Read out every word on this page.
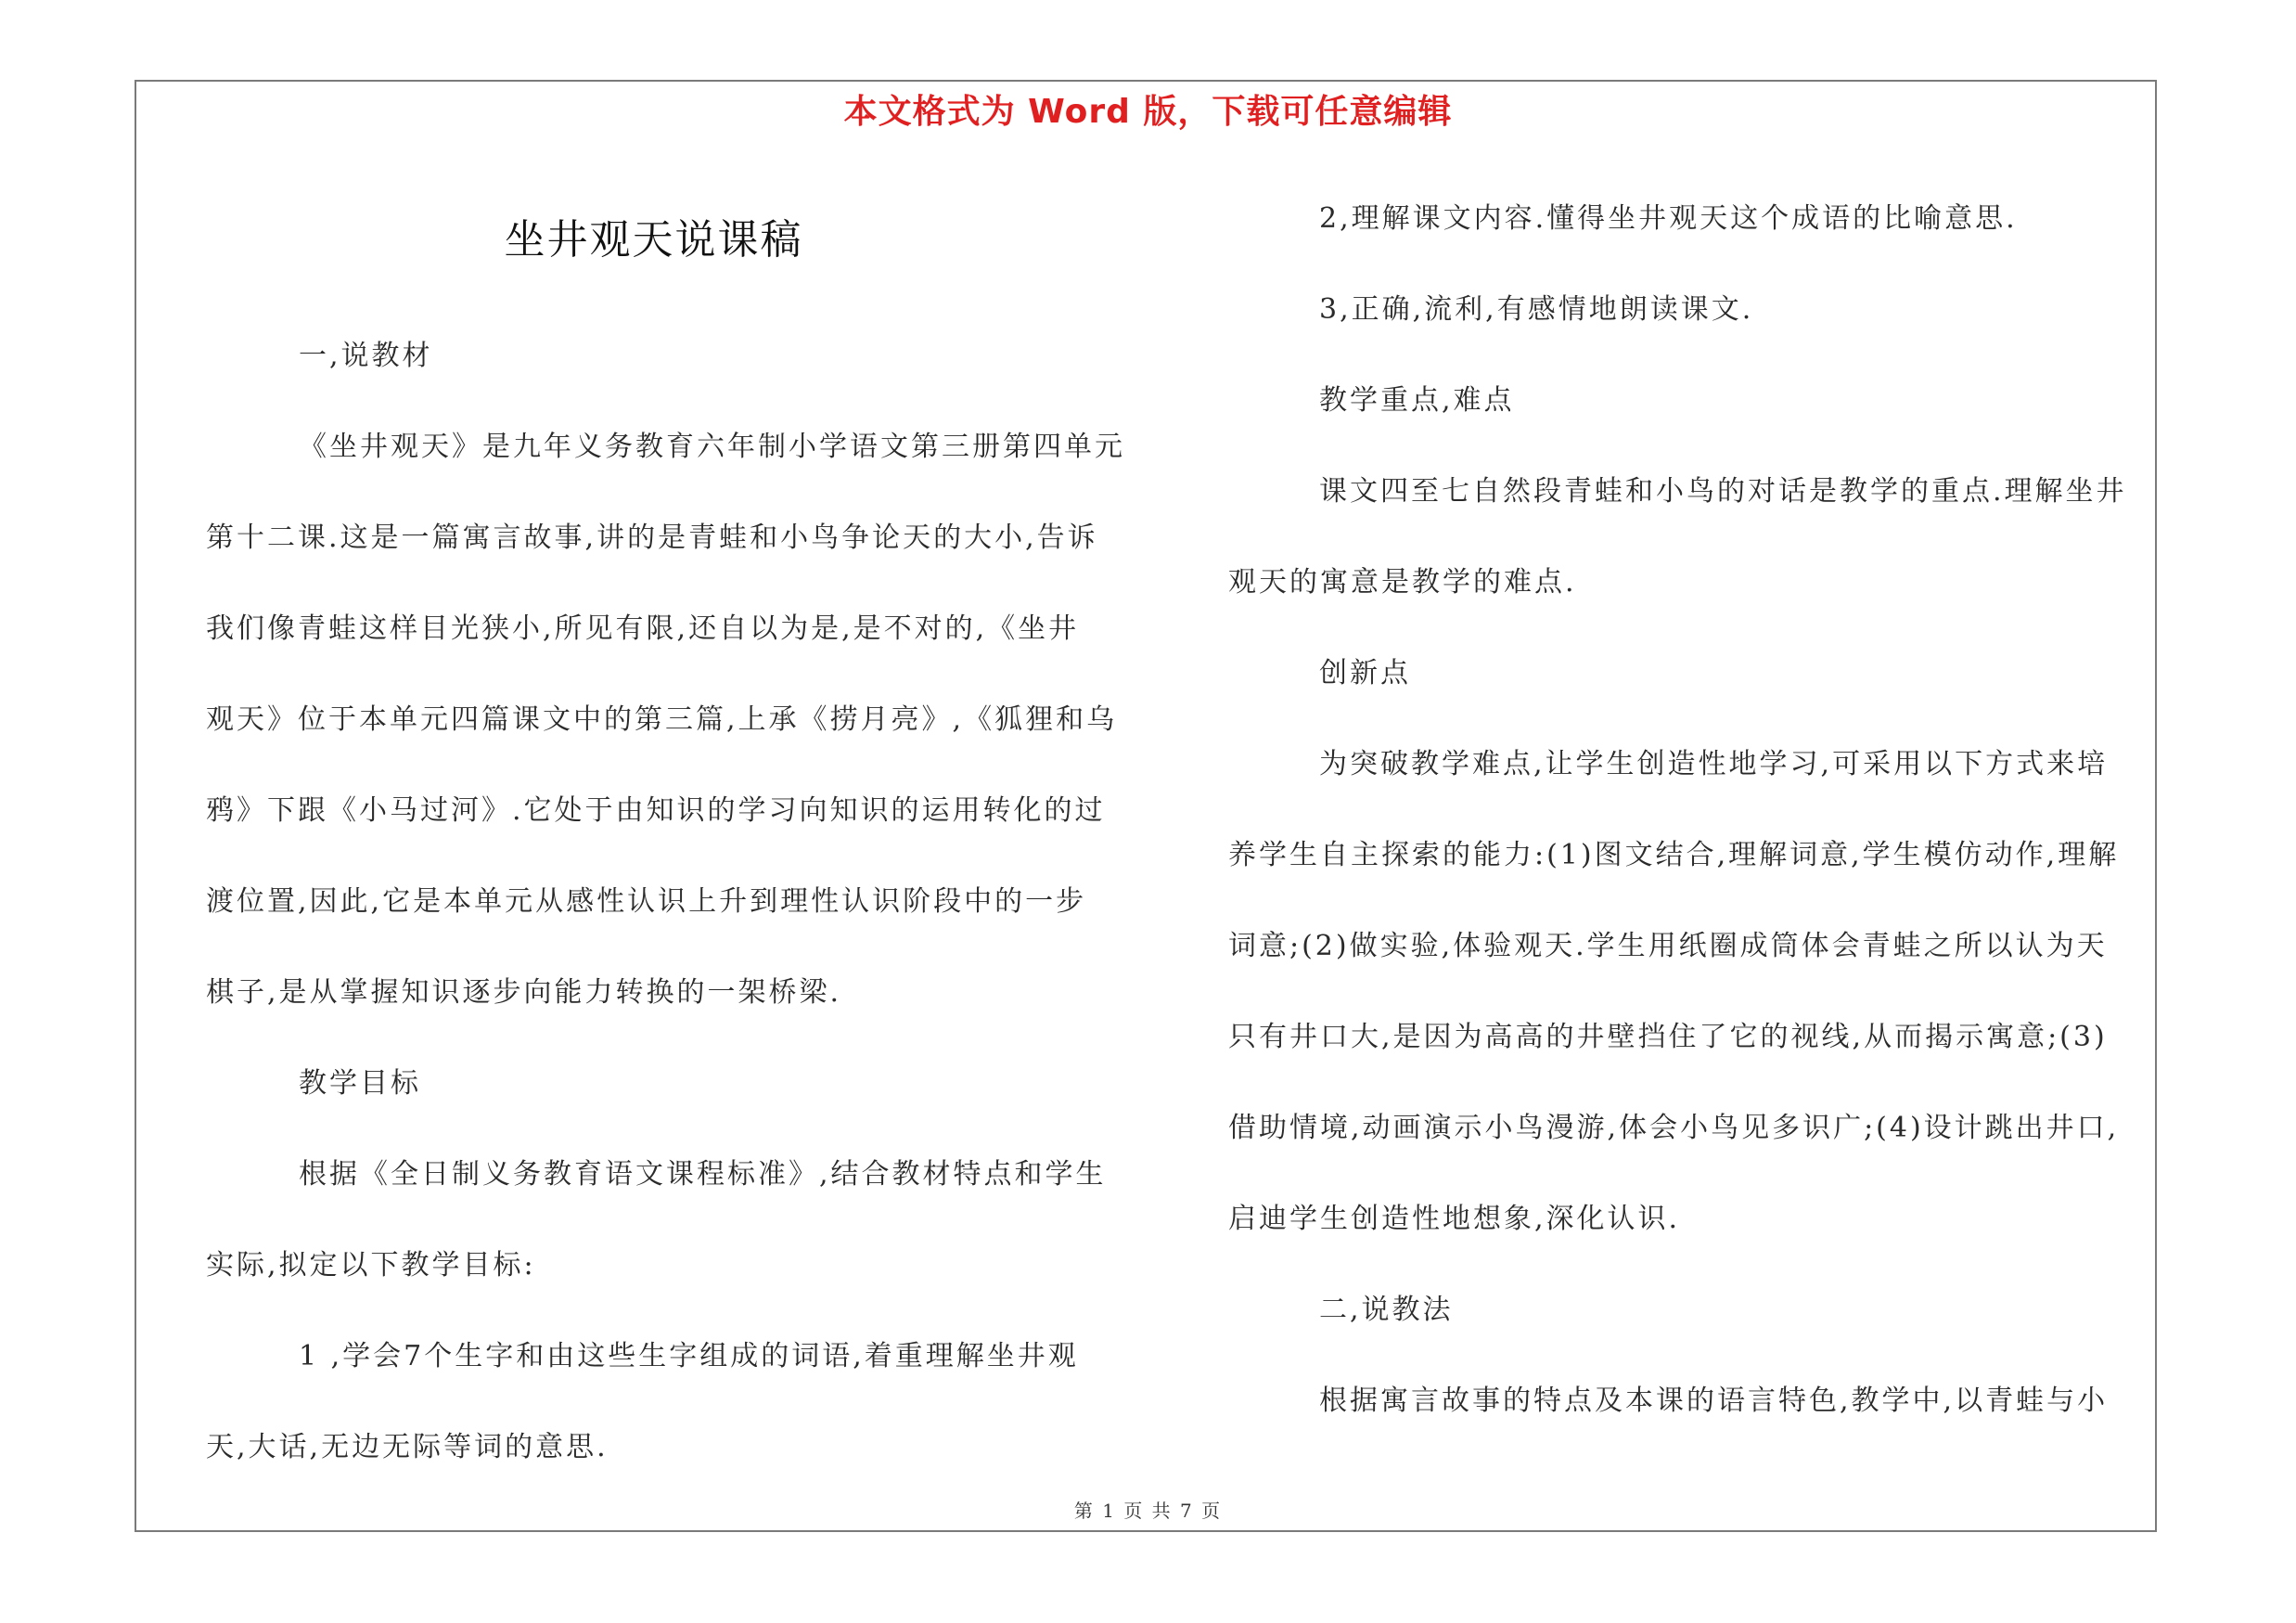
本文格式为 Word 版，下载可任意编辑
坐井观天说课稿
一,说教材
《坐井观天》是九年义务教育六年制小学语文第三册第四单元
第十二课.这是一篇寓言故事,讲的是青蛙和小鸟争论天的大小,告诉
我们像青蛙这样目光狭小,所见有限,还自以为是,是不对的,《坐井
观天》位于本单元四篇课文中的第三篇,上承《捞月亮》,《狐狸和乌
鸦》下跟《小马过河》.它处于由知识的学习向知识的运用转化的过
渡位置,因此,它是本单元从感性认识上升到理性认识阶段中的一步
棋子,是从掌握知识逐步向能力转换的一架桥梁.
教学目标
根据《全日制义务教育语文课程标准》,结合教材特点和学生
实际,拟定以下教学目标:
1 ,学会7个生字和由这些生字组成的词语,着重理解坐井观
天,大话,无边无际等词的意思.
2,理解课文内容.懂得坐井观天这个成语的比喻意思.
3,正确,流利,有感情地朗读课文.
教学重点,难点
课文四至七自然段青蛙和小鸟的对话是教学的重点.理解坐井
观天的寓意是教学的难点.
创新点
为突破教学难点,让学生创造性地学习,可采用以下方式来培
养学生自主探索的能力:(1)图文结合,理解词意,学生模仿动作,理解
词意;(2)做实验,体验观天.学生用纸圈成筒体会青蛙之所以认为天
只有井口大,是因为高高的井壁挡住了它的视线,从而揭示寓意;(3)
借助情境,动画演示小鸟漫游,体会小鸟见多识广;(4)设计跳出井口,
启迪学生创造性地想象,深化认识.
二,说教法
根据寓言故事的特点及本课的语言特色,教学中,以青蛙与小
第 1 页 共 7 页
